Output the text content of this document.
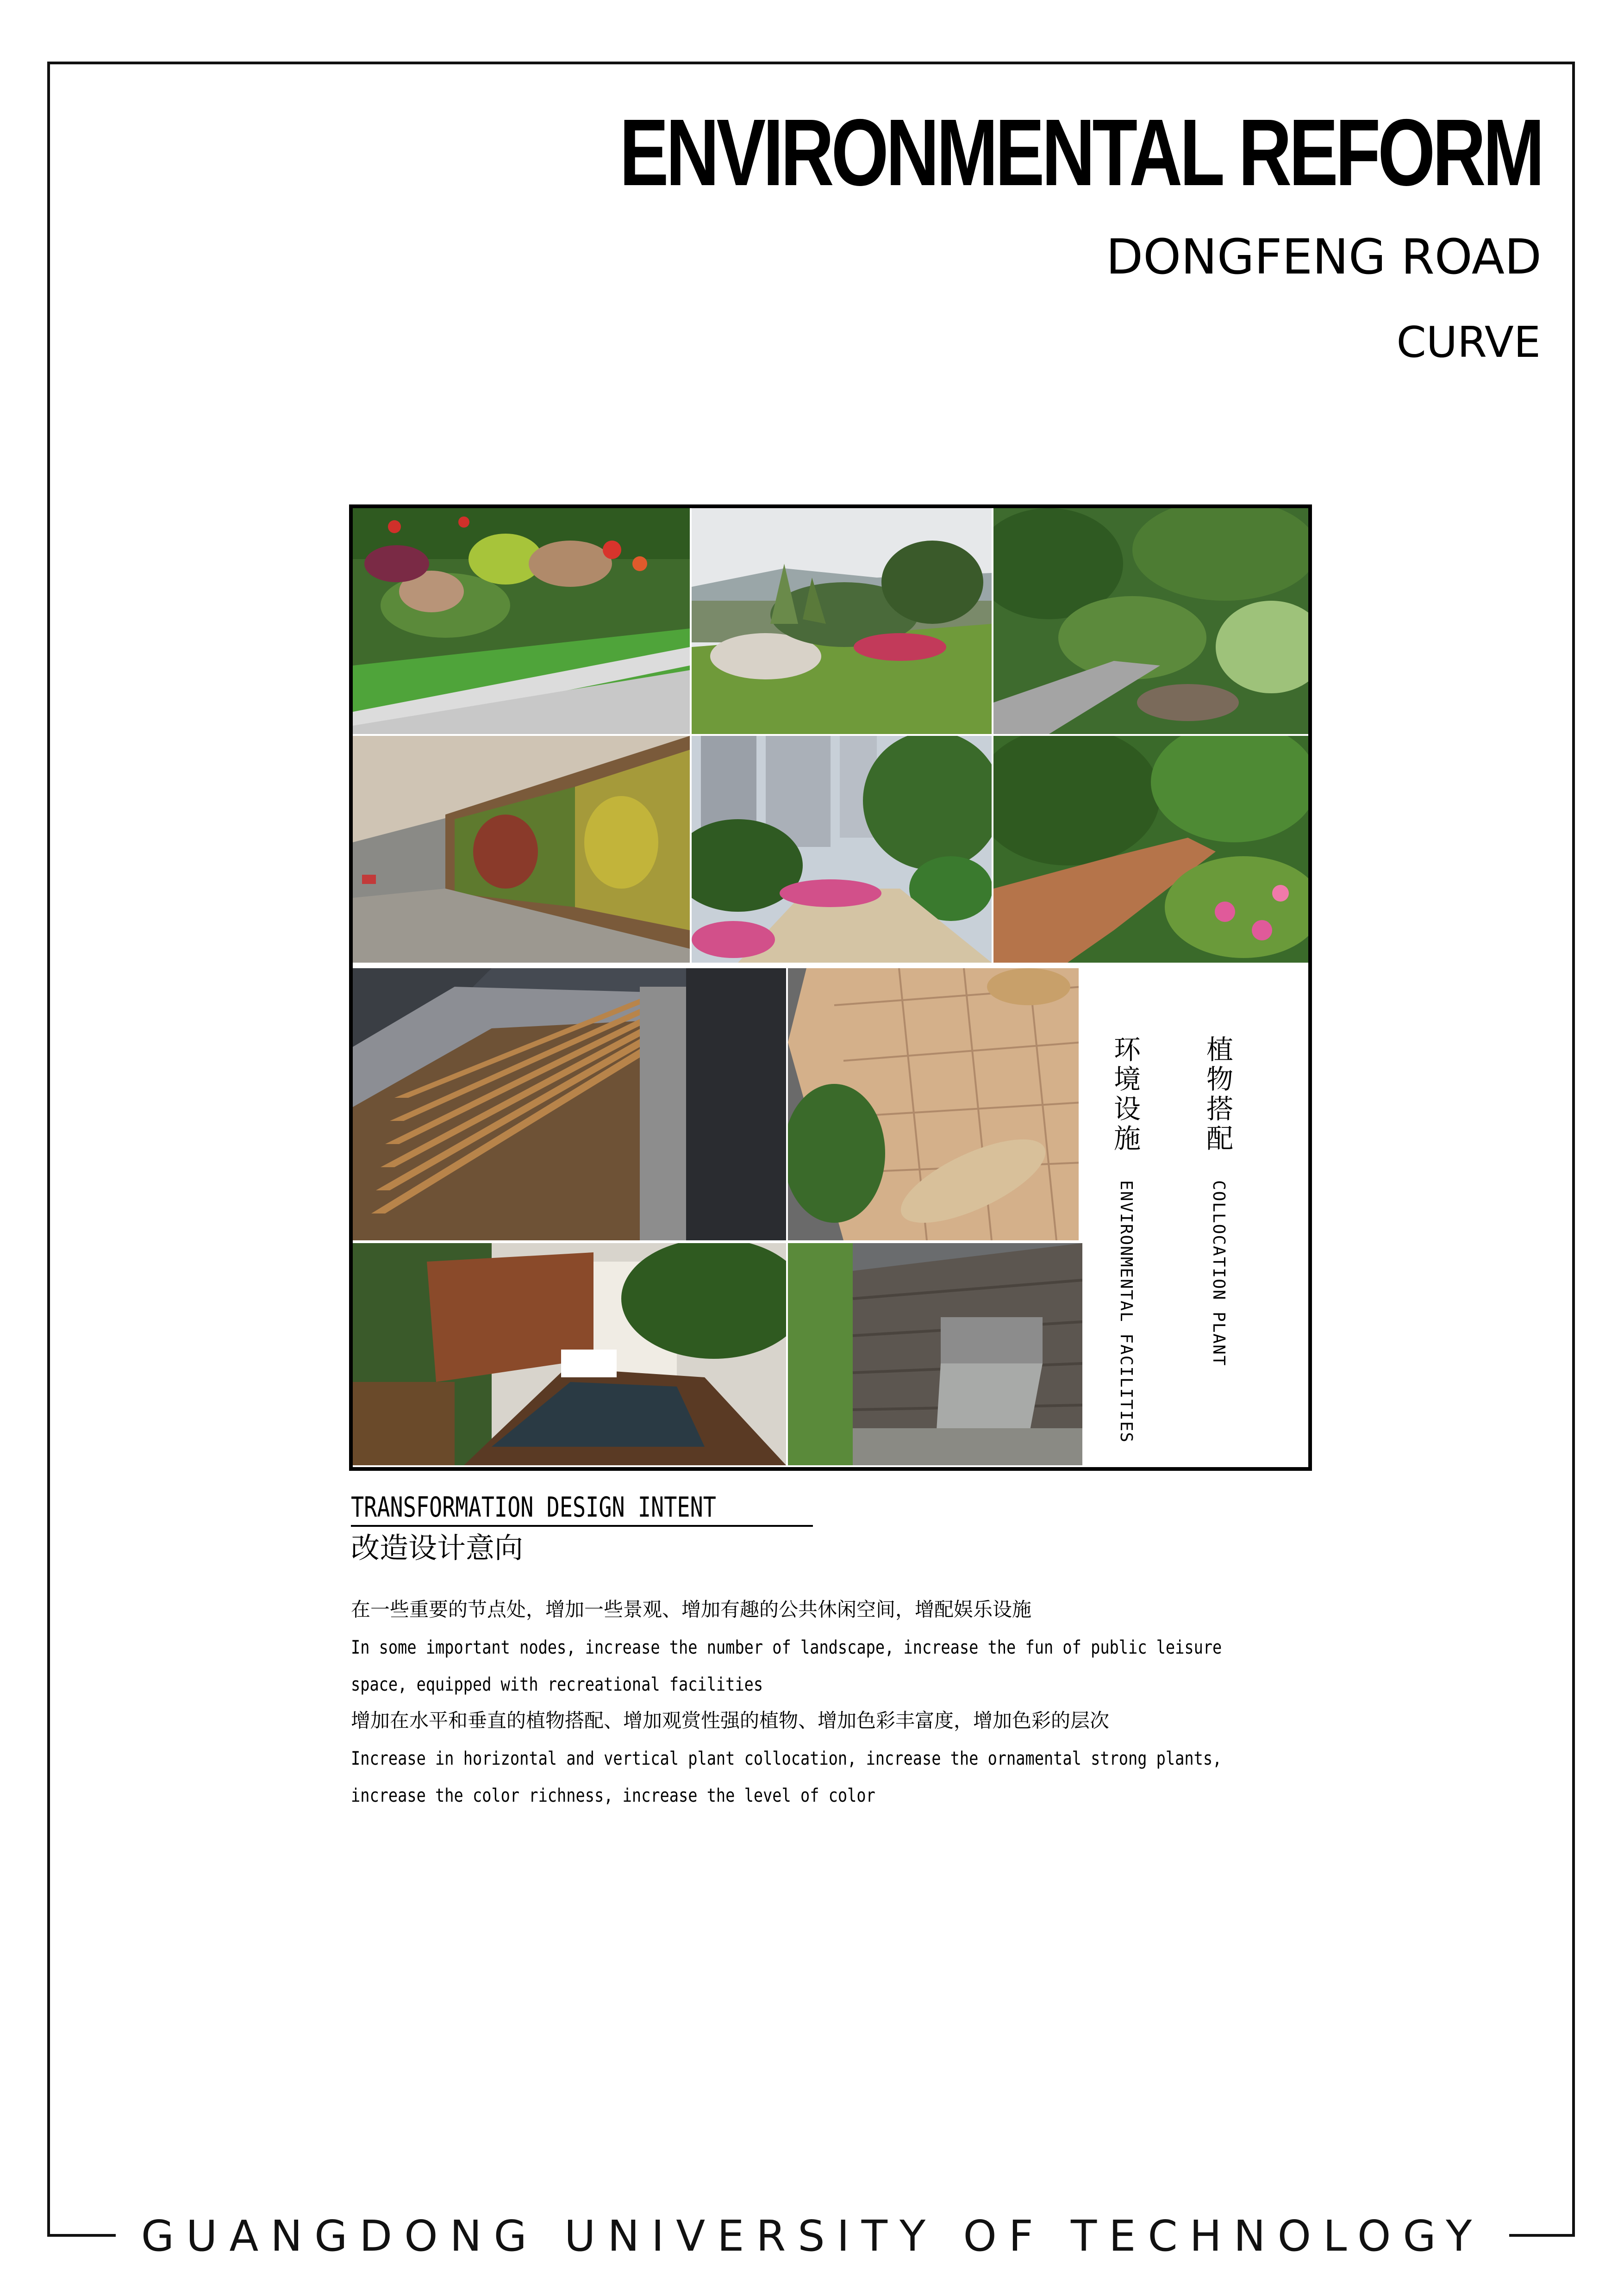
GUANGDONG UNIVERSITY OF TECHNOLOGY
ENVIRONMENTAL REFORM
DONGFENG ROAD
CURVE
植物搭配
COLLOCATION PLANT
环境设施
ENVIRONMENTAL FACILITIES
TRANSFORMATION DESIGN INTENT
改造设计意向
在一些重要的节点处，增加一些景观、增加有趣的公共休闲空间，增配娱乐设施
In some important nodes, increase the number of landscape, increase the fun of public leisure
space, equipped with recreational facilities
增加在水平和垂直的植物搭配、增加观赏性强的植物、增加色彩丰富度，增加色彩的层次
Increase in horizontal and vertical plant collocation, increase the ornamental strong plants,
increase the color richness, increase the level of color
